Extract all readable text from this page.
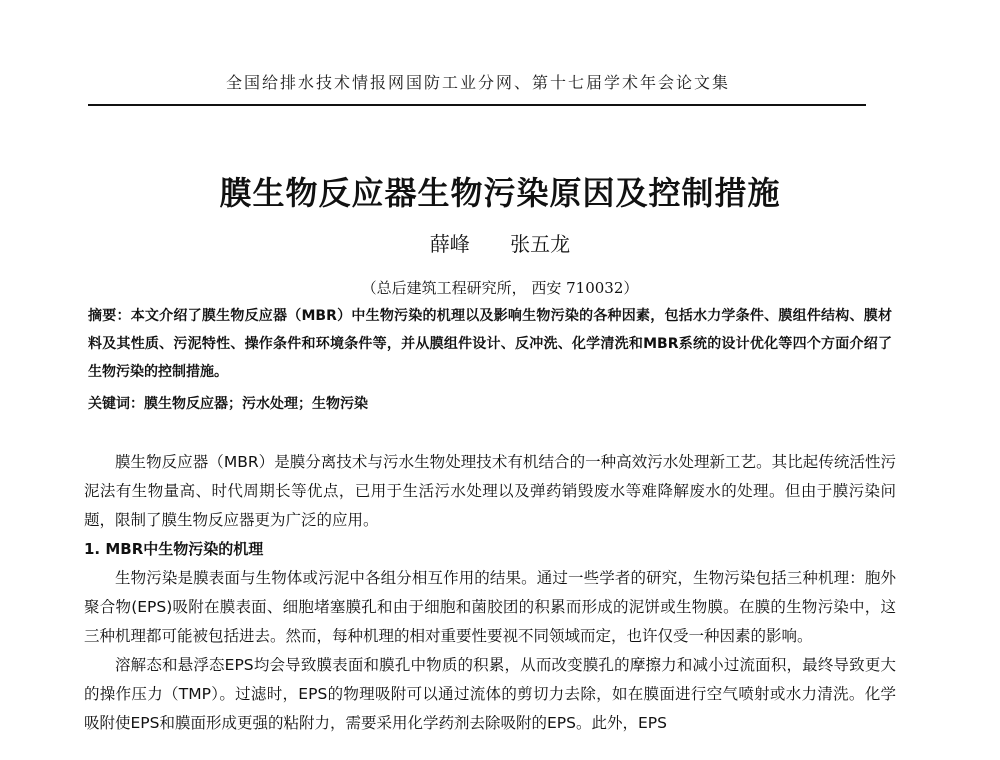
全国给排水技术情报网国防工业分网、第十七届学术年会论文集
膜生物反应器生物污染原因及控制措施
薛峰 张五龙
（总后建筑工程研究所， 西安 710032）

摘要：本文介绍了膜生物反应器（MBR）中生物污染的机理以及影响生物污染的各种因素，包括水力学条件、膜组件结构、膜材料及其性质、污泥特性、操作条件和环境条件等，并从膜组件设计、反冲洗、化学清洗和MBR系统的设计优化等四个方面介绍了生物污染的控制措施。

关键词：膜生物反应器；污水处理；生物污染

膜生物反应器（MBR）是膜分离技术与污水生物处理技术有机结合的一种高效污水处理新工艺。其比起传统活性污泥法有生物量高、时代周期长等优点，已用于生活污水处理以及弹药销毁废水等难降解废水的处理。但由于膜污染问题，限制了膜生物反应器更为广泛的应用。

1. MBR中生物污染的机理

生物污染是膜表面与生物体或污泥中各组分相互作用的结果。通过一些学者的研究，生物污染包括三种机理：胞外聚合物(EPS)吸附在膜表面、细胞堵塞膜孔和由于细胞和菌胶团的积累而形成的泥饼或生物膜。在膜的生物污染中，这三种机理都可能被包括进去。然而，每种机理的相对重要性要视不同领域而定，也许仅受一种因素的影响。

溶解态和悬浮态EPS均会导致膜表面和膜孔中物质的积累，从而改变膜孔的摩擦力和减小过流面积，最终导致更大的操作压力（TMP）。过滤时，EPS的物理吸附可以通过流体的剪切力去除，如在膜面进行空气喷射或水力清洗。化学吸附使EPS和膜面形成更强的粘附力，需要采用化学药剂去除吸附的EPS。此外，EPS
